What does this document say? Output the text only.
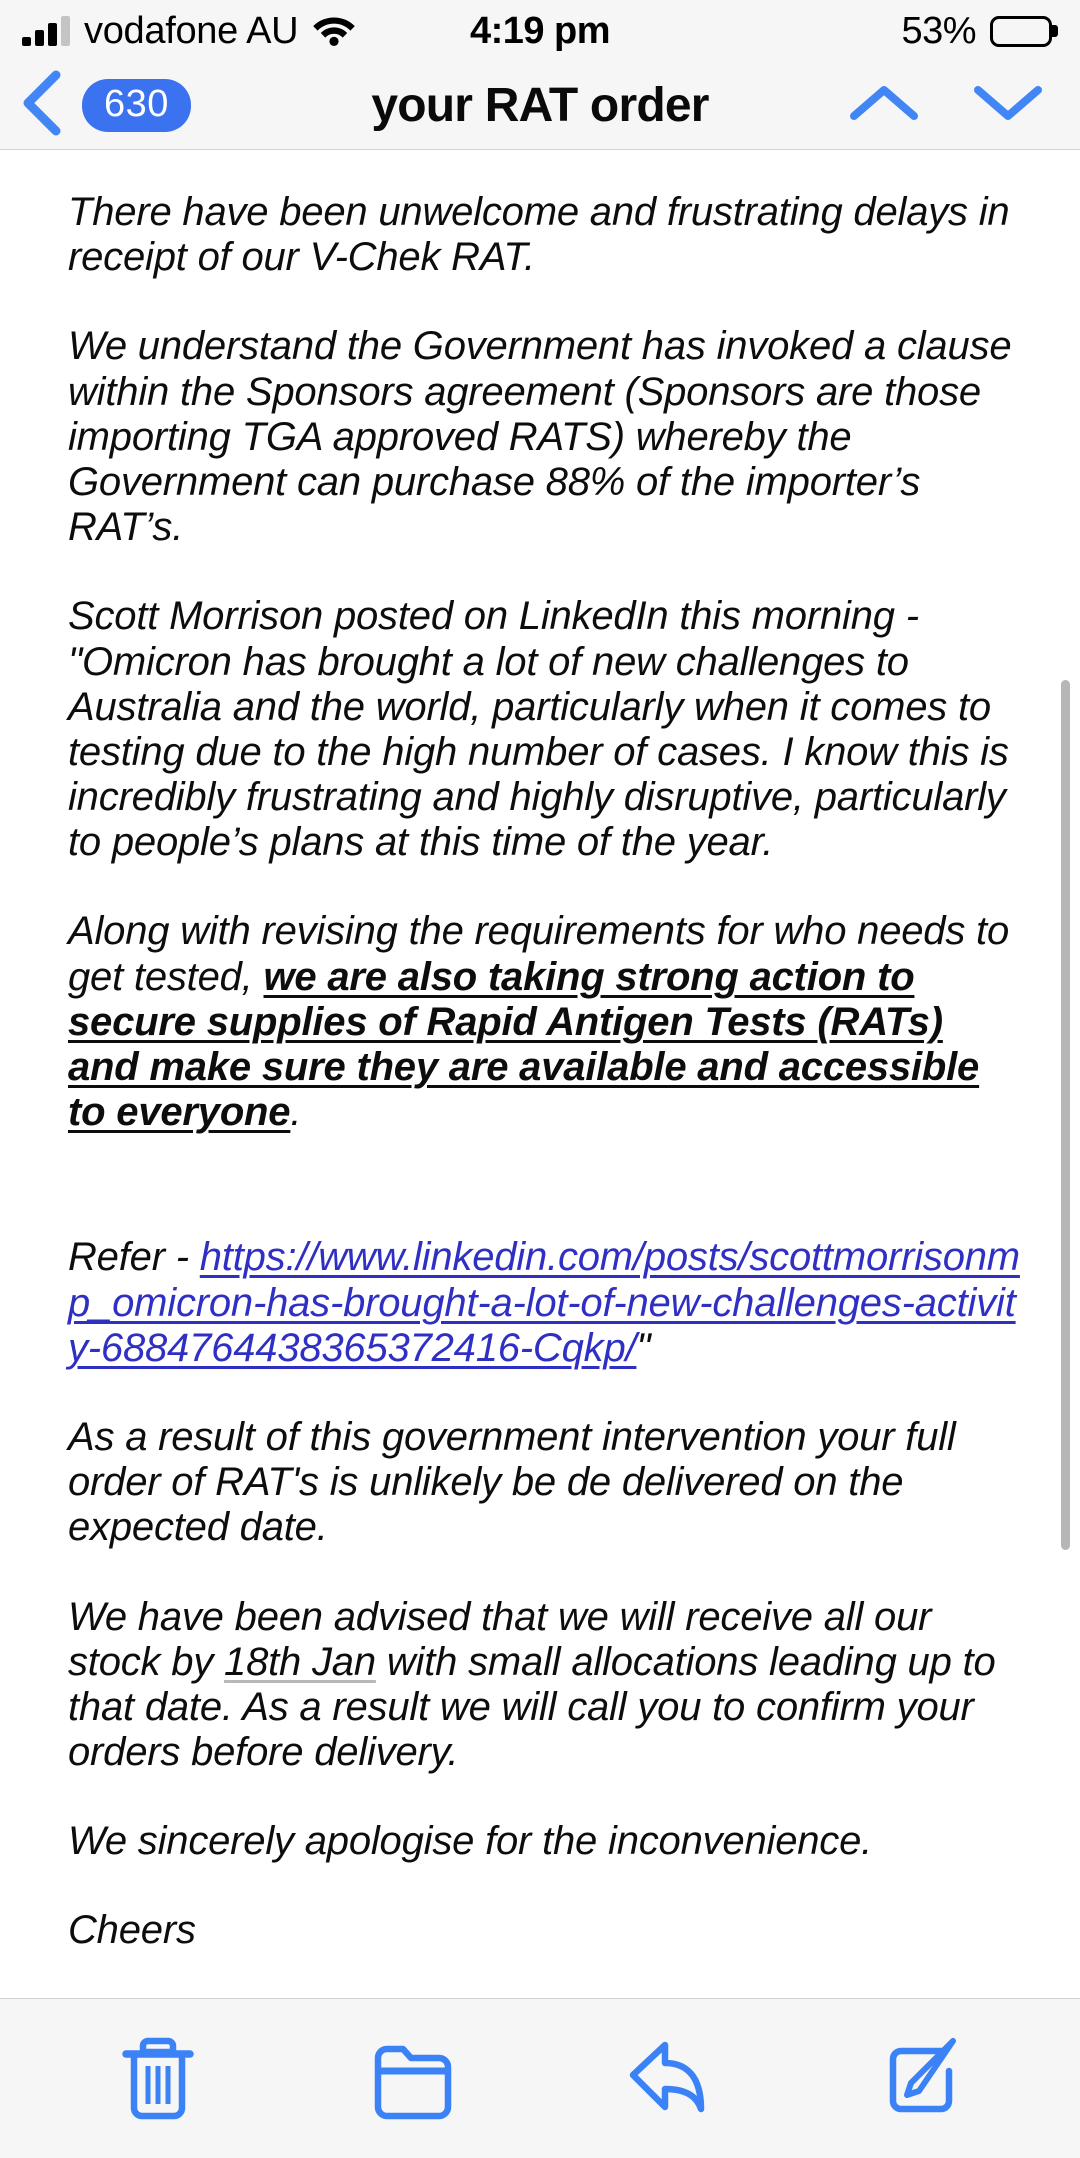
vodafone AU	4:19 pm	53%
630	your RAT order

There have been unwelcome and frustrating delays in receipt of our V-Chek RAT.

We understand the Government has invoked a clause within the Sponsors agreement (Sponsors are those importing TGA approved RATS) whereby the Government can purchase 88% of the importer’s RAT’s.

Scott Morrison posted on LinkedIn this morning - "Omicron has brought a lot of new challenges to Australia and the world, particularly when it comes to testing due to the high number of cases. I know this is incredibly frustrating and highly disruptive, particularly to people’s plans at this time of the year.

Along with revising the requirements for who needs to get tested, we are also taking strong action to secure supplies of Rapid Antigen Tests (RATs) and make sure they are available and accessible to everyone.

Refer - https://www.linkedin.com/posts/scottmorrisonmp_omicron-has-brought-a-lot-of-new-challenges-activity-6884764438365372416-Cqkp/"

As a result of this government intervention your full order of RAT's is unlikely be de delivered on the expected date.

We have been advised that we will receive all our stock by 18th Jan with small allocations leading up to that date. As a result we will call you to confirm your orders before delivery.

We sincerely apologise for the inconvenience.

Cheers
